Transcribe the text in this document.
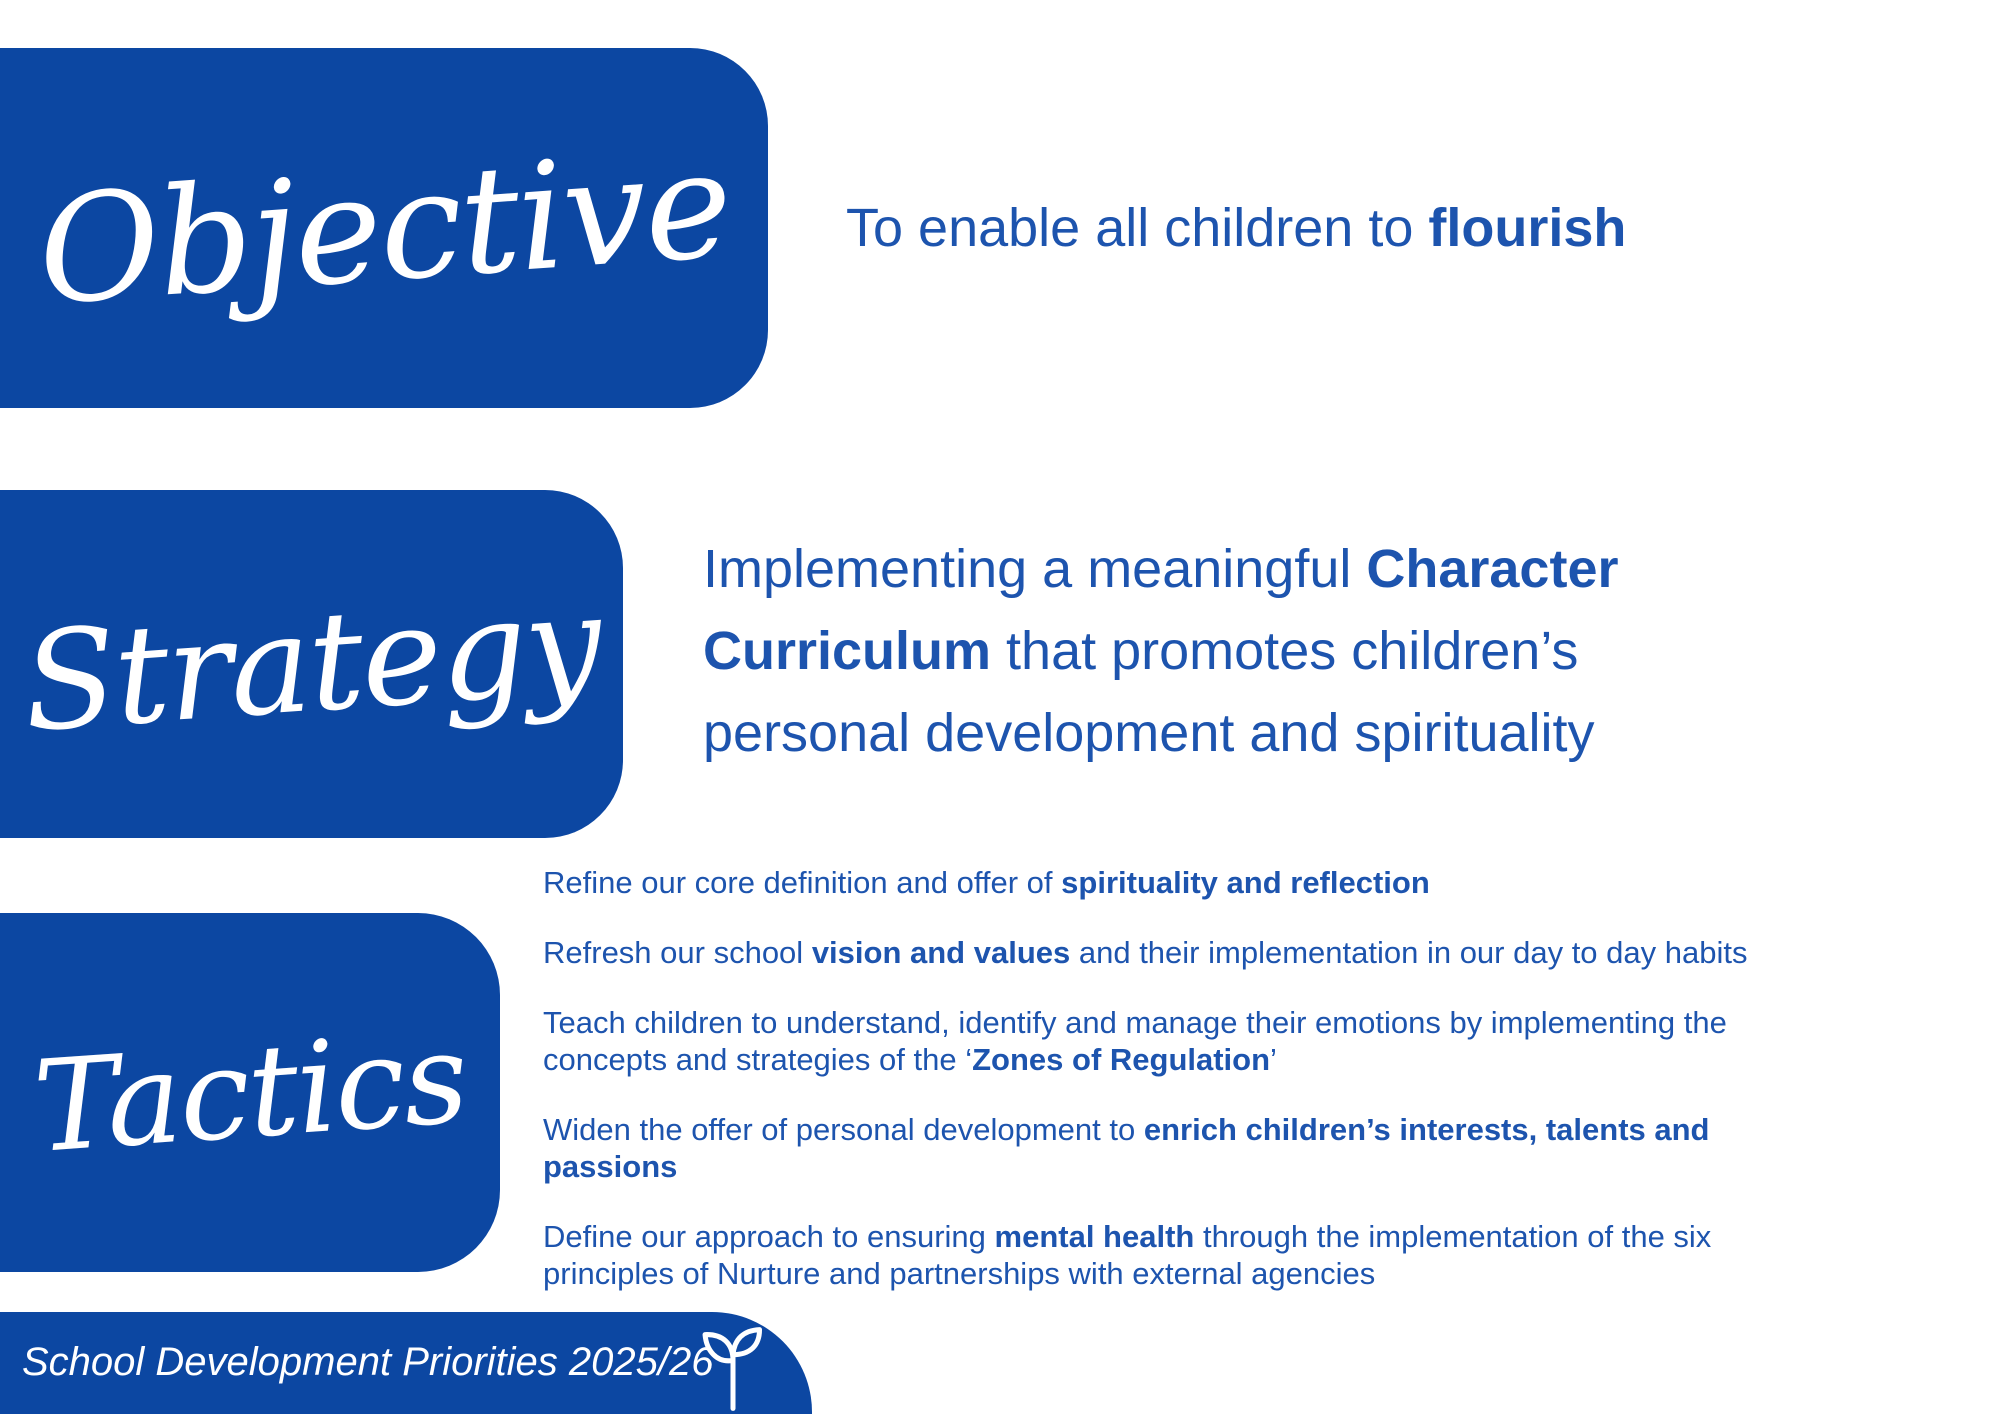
Objective To enable all children to flourish
Strategy Implementing a meaningful Character
Curriculum that promotes children’s
personal development and spirituality
Tactics
Refine our core definition and offer of spirituality and reflection
Refresh our school vision and values and their implementation in our day to day habits
Teach children to understand, identify and manage their emotions by implementing the
concepts and strategies of the ‘Zones of Regulation’
Widen the offer of personal development to enrich children’s interests, talents and
passions
Define our approach to ensuring mental health through the implementation of the six
principles of Nurture and partnerships with external agencies
School Development Priorities 2025/26
